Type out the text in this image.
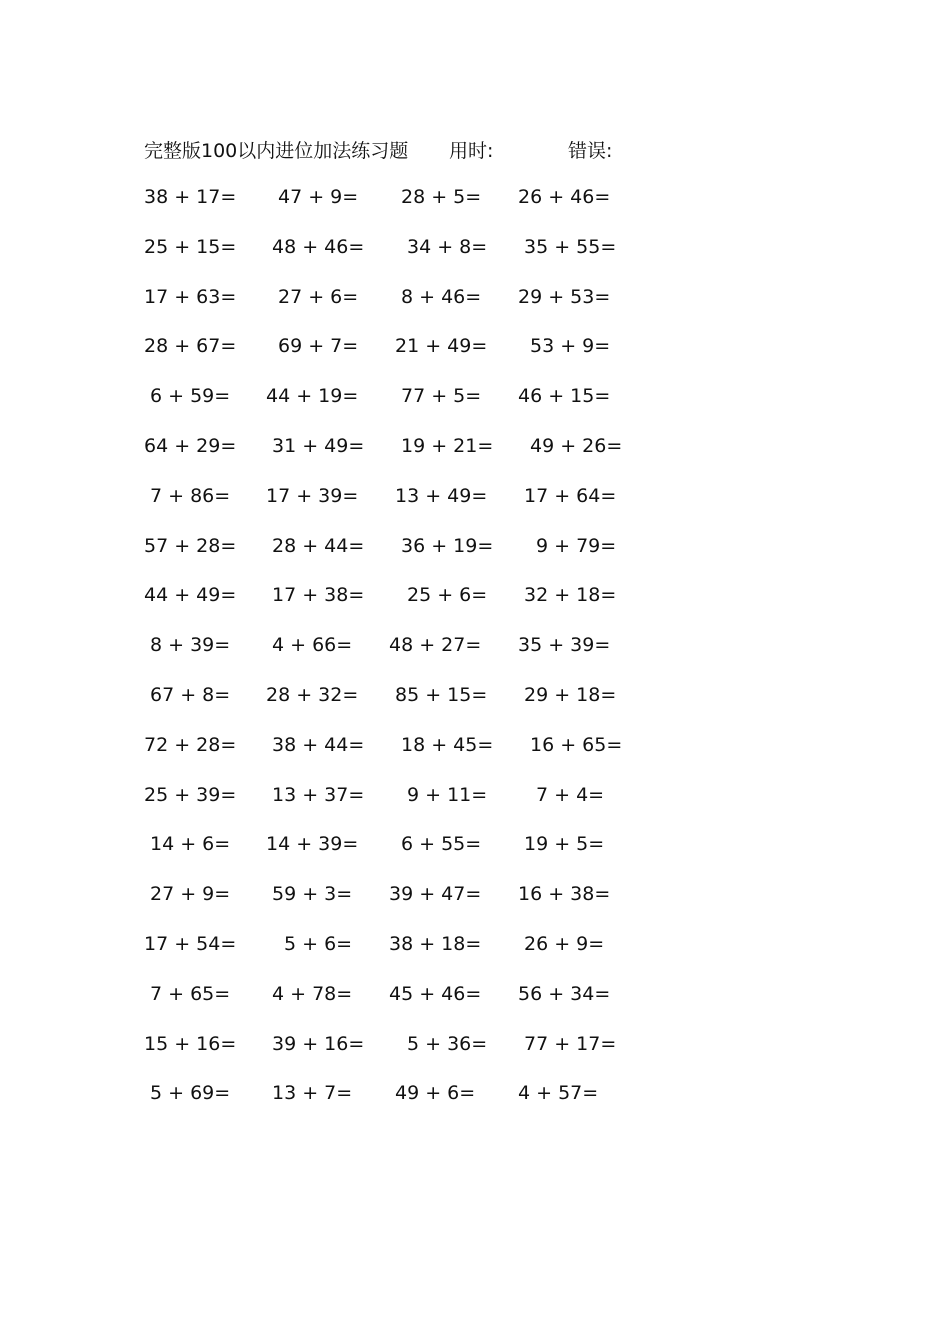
完整版100以内进位加法练习题 用时:	错误:
38 + 17= 47 + 9= 28 + 5= 26 + 46=
25 + 15= 48 + 46= 34 + 8= 35 + 55=
17 + 63= 27 + 6= 8 + 46= 29 + 53=
28 + 67= 69 + 7= 21 + 49= 53 + 9=
6 + 59= 44 + 19= 77 + 5= 46 + 15=
64 + 29= 31 + 49= 19 + 21= 49 + 26=
7 + 86= 17 + 39= 13 + 49= 17 + 64=
57 + 28= 28 + 44= 36 + 19= 9 + 79=
44 + 49= 17 + 38= 25 + 6= 32 + 18=
8 + 39= 4 + 66= 48 + 27= 35 + 39=
67 + 8= 28 + 32= 85 + 15= 29 + 18=
72 + 28= 38 + 44= 18 + 45= 16 + 65=
25 + 39= 13 + 37= 9 + 11=	7 + 4=
14 + 6= 14 + 39= 6 + 55= 19 + 5=
27 + 9= 59 + 3= 39 + 47= 16 + 38=
17 + 54=	5 + 6= 38 + 18= 26 + 9=
7 + 65= 4 + 78= 45 + 46= 56 + 34=
15 + 16= 39 + 16= 5 + 36= 77 + 17=
5 + 69= 13 + 7= 49 + 6= 4 + 57=
